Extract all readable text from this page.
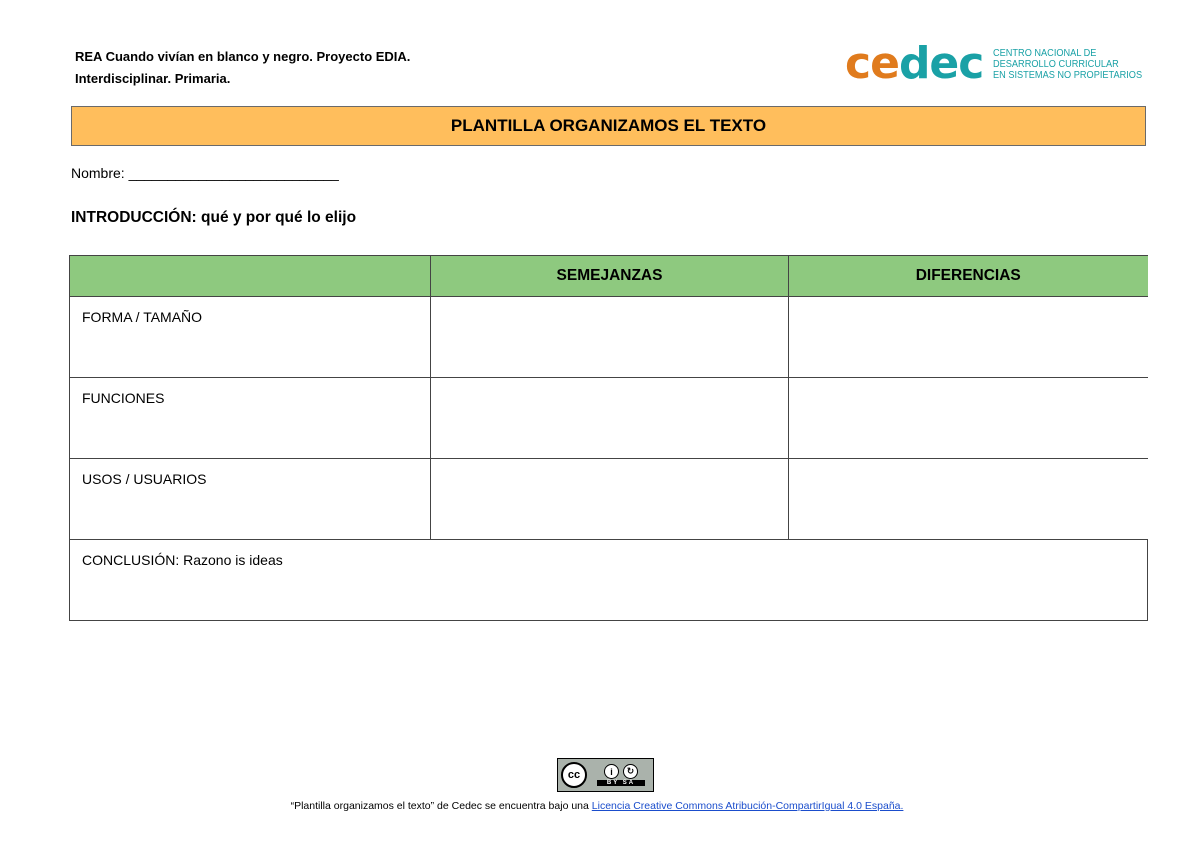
REA Cuando vivían en blanco y negro. Proyecto EDIA.
Interdisciplinar. Primaria.	cedec CENTRO NACIONAL DE
DESARROLLO CURRICULAR
EN SISTEMAS NO PROPIETARIOS
PLANTILLA ORGANIZAMOS EL TEXTO
Nombre: ___________________________
INTRODUCCIÓN: qué y por qué lo elijo
	SEMEJANZAS	DIFERENCIAS

FORMA / TAMAÑO		

FUNCIONES		

USOS / USUARIOS		

CONCLUSIÓN: Razono is ideas		
cc	i	↻
BY SA
“Plantilla organizamos el texto” de Cedec se encuentra bajo una Licencia Creative Commons Atribución-CompartirIgual 4.0 España.
